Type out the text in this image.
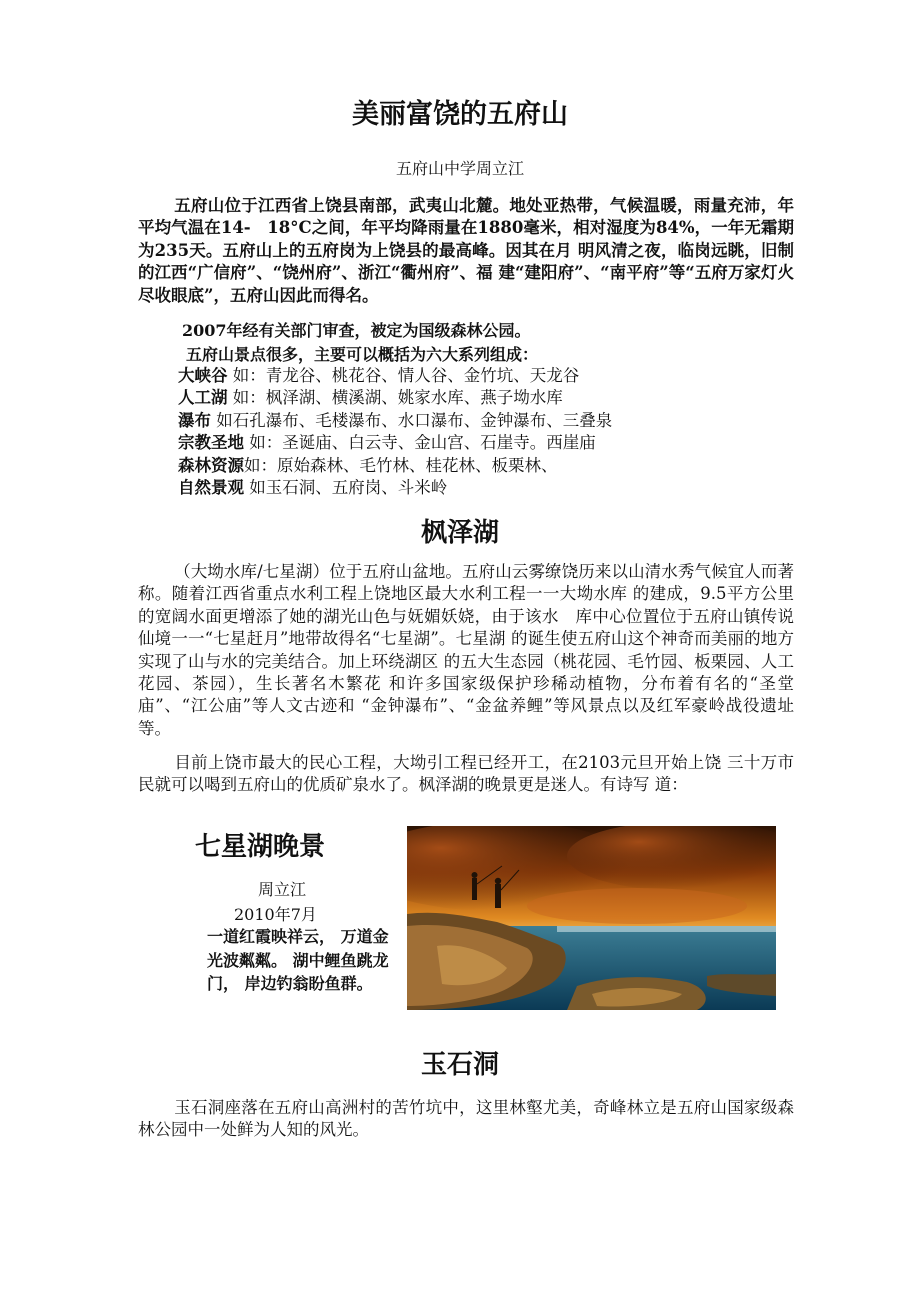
美丽富饶的五府山
五府山中学周立江

五府山位于江西省上饶县南部，武夷山北麓。地处亚热带，气候温暖，雨量充沛，年平均气温在14-　18°C之间，年平均降雨量在1880毫米，相对湿度为84%，一年无霜期为235天。五府山上的五府岗为上饶县的最高峰。因其在月 明风清之夜，临岗远眺，旧制的江西“广信府”、“饶州府”、浙江“衢州府”、福 建“建阳府”、“南平府”等“五府万家灯火尽收眼底”，五府山因此而得名。

2007年经有关部门审查，被定为国级森林公园。
五府山景点很多，主要可以概括为六大系列组成：
大峡谷 如：青龙谷、桃花谷、情人谷、金竹坑、天龙谷
人工湖 如：枫泽湖、横溪湖、姚家水库、燕子坳水库
瀑布 如石孔瀑布、毛楼瀑布、水口瀑布、金钟瀑布、三叠泉
宗教圣地 如：圣诞庙、白云寺、金山宫、石崖寺。西崖庙
森林资源如：原始森林、毛竹林、桂花林、板栗林、
自然景观 如玉石洞、五府岗、斗米岭
枫泽湖

（大坳水库/七星湖）位于五府山盆地。五府山云雾缭饶历来以山清水秀气候宜人而著称。随着江西省重点水利工程上饶地区最大水利工程一一大坳水库 的建成，9.5平方公里的宽阔水面更增添了她的湖光山色与妩媚妖娆，由于该水　库中心位置位于五府山镇传说仙境一一“七星赶月”地带故得名“七星湖”。七星湖 的诞生使五府山这个神奇而美丽的地方实现了山与水的完美结合。加上环绕湖区 的五大生态园（桃花园、毛竹园、板栗园、人工花园、茶园），生长著名木繁花 和许多国家级保护珍稀动植物，分布着有名的“圣堂庙”、“江公庙”等人文古迹和 “金钟瀑布”、“金盆养鲤”等风景点以及红军豪岭战役遗址等。

目前上饶市最大的民心工程，大坳引工程已经开工，在2103元旦开始上饶 三十万市民就可以喝到五府山的优质矿泉水了。枫泽湖的晚景更是迷人。有诗写 道：

七星湖晚景
周立江
2010年7月
一道红霞映祥云， 万道金光波粼粼。 湖中鲤鱼跳龙门， 岸边钓翁盼鱼群。
玉石洞

玉石洞座落在五府山高洲村的苦竹坑中，这里林壑尤美，奇峰林立是五府山国家级森林公园中一处鲜为人知的风光。
